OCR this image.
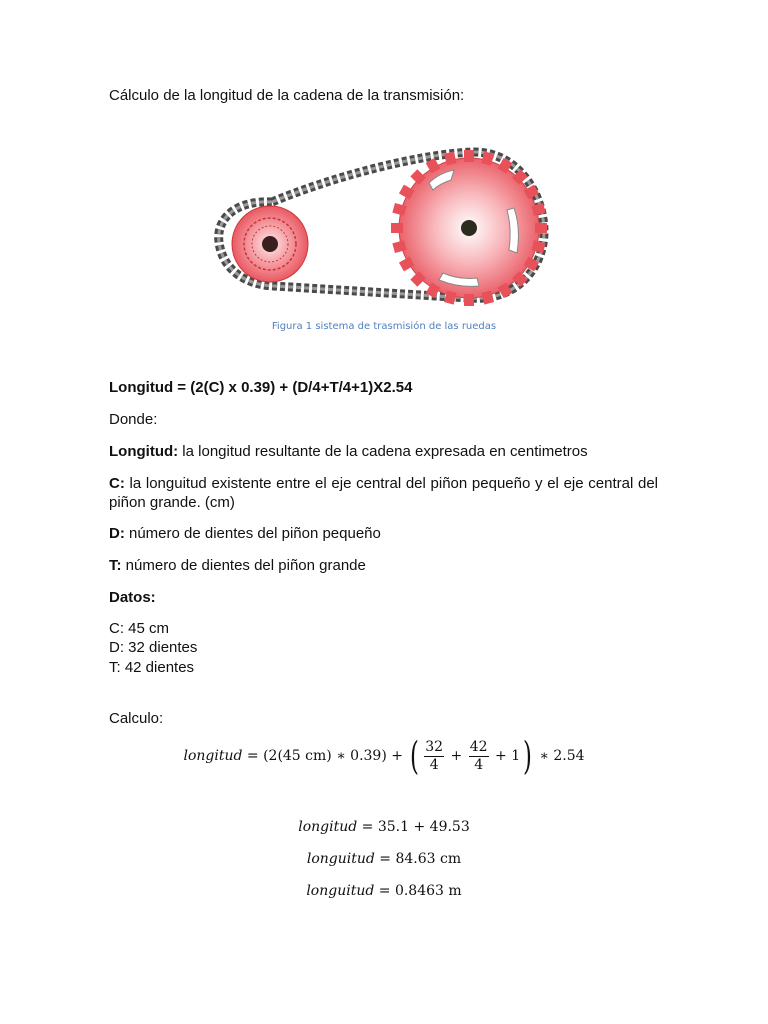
Cálculo de la longitud de la cadena de la transmisión:
Figura 1 sistema de trasmisión de las ruedas
Longitud = (2(C) x 0.39) + (D/4+T/4+1)X2.54
Donde:
Longitud: la longitud resultante de la cadena expresada en centimetros
C: la longuitud existente entre el eje central del piñon pequeño y el eje central del piñon grande. (cm)
D: número de dientes del piñon pequeño
T: número de dientes del piñon grande
Datos:
C: 45 cm
D: 32 dientes
T: 42 dientes
Calculo:
longitud = (2(45 cm) ∗ 0.39) + ( $\frac{32}{4} + \frac{42}{4} + 1$) ∗ 2.54
longitud = 35.1 + 49.53
longuitud = 84.63 cm
longuitud = 0.8463 m
